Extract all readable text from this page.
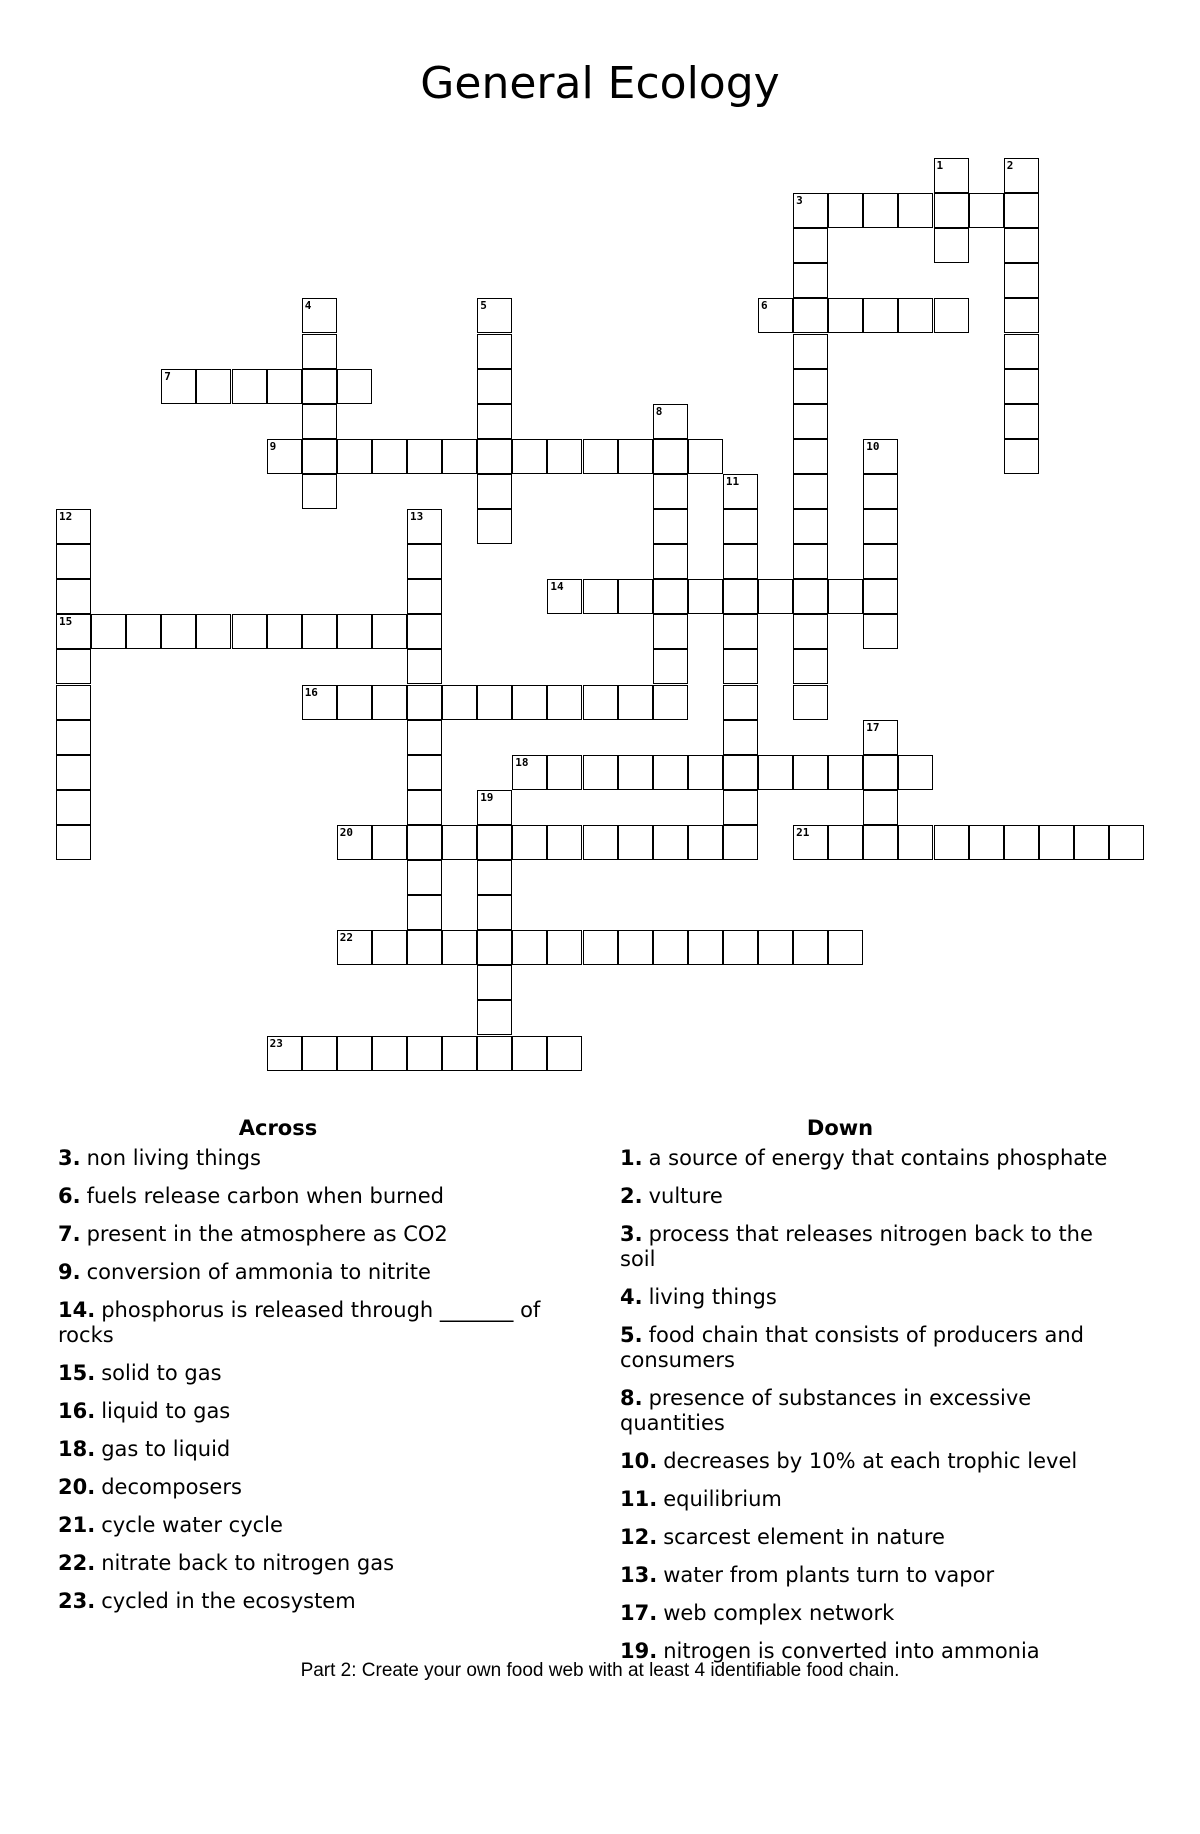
General Ecology
1	2
3
4	5	6
7
8
9	10
11
12
15
13
14
16
17
18
19
20	21
22
23
Across
3. non living things
6. fuels release carbon when burned
7. present in the atmosphere as CO2
9. conversion of ammonia to nitrite
14. phosphorus is released through _______ of rocks
15. solid to gas
16. liquid to gas
18. gas to liquid
20. decomposers
21. cycle water cycle
22. nitrate back to nitrogen gas
23. cycled in the ecosystem
Down
1. a source of energy that contains phosphate
2. vulture
3. process that releases nitrogen back to the soil
4. living things
5. food chain that consists of producers and consumers
8. presence of substances in excessive quantities
10. decreases by 10% at each trophic level
11. equilibrium
12. scarcest element in nature
13. water from plants turn to vapor
17. web complex network
19. nitrogen is converted into ammonia
Part 2: Create your own food web with at least 4 identifiable food chain.
